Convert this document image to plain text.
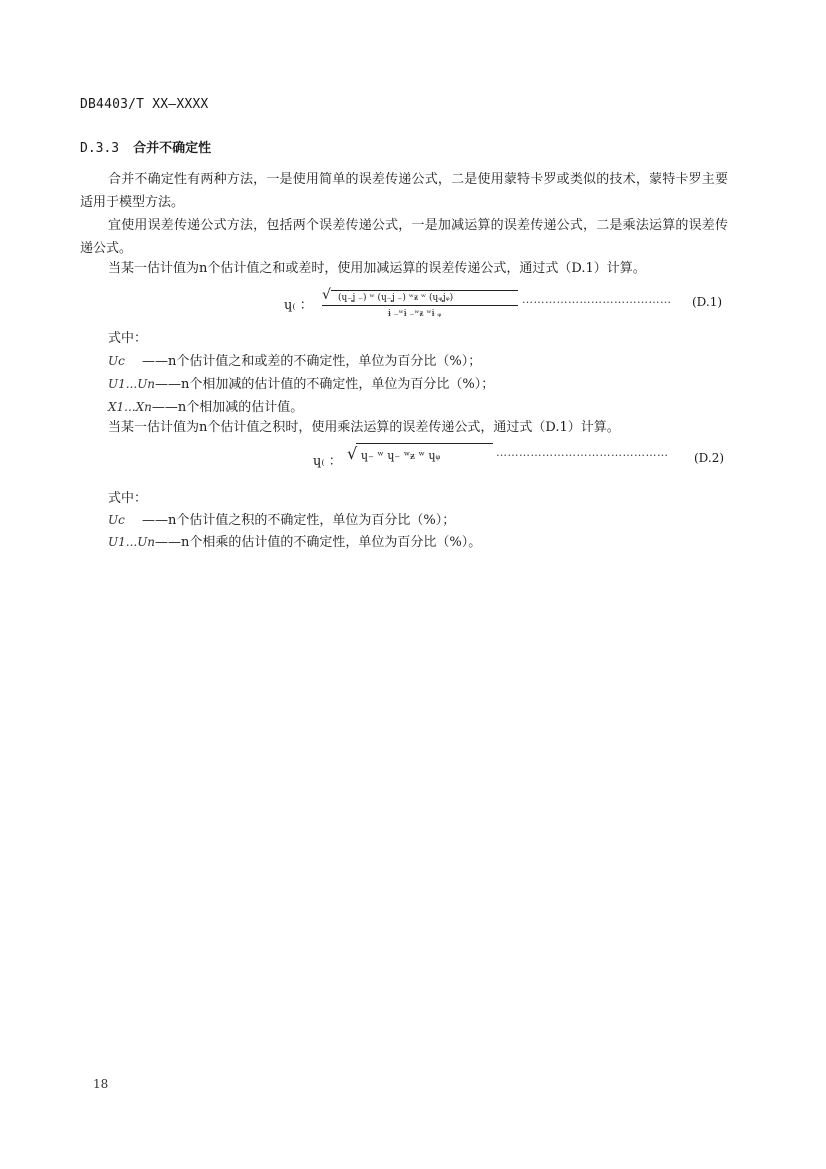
DB4403/T XX—XXXX
D.3.3 合并不确定性
合并不确定性有两种方法，一是使用简单的误差传递公式，二是使用蒙特卡罗或类似的技术，蒙特卡罗主要适用于模型方法。
宜使用误差传递公式方法，包括两个误差传递公式，一是加减运算的误差传递公式，二是乘法运算的误差传递公式。
当某一估计值为n个估计值之和或差时，使用加减运算的误差传递公式，通过式（D.1）计算。
ɥ₍ ：
√ (ɥ₋ʝ ₋) ʷ (ɥ₋ʝ ₋) ʷᵶ ʷ (ɥᵩʝᵩ)
ɨ ₋ʷɨ ₋ʷᵶ ʷɨ ᵩ
………………………………… (D.1)
式中：
Uc ——n个估计值之和或差的不确定性，单位为百分比（%）；
U1...Un——n个相加减的估计值的不确定性，单位为百分比（%）；
X1...Xn——n个相加减的估计值。
当某一估计值为n个估计值之积时，使用乘法运算的误差传递公式，通过式（D.1）计算。
ɥ₍ ： √ ɥ₋ ʷ ɥ₋ ʷᵶ ʷ ɥᵩ	……………………………………… (D.2)
式中：
Uc ——n个估计值之积的不确定性，单位为百分比（%）；
U1...Un——n个相乘的估计值的不确定性，单位为百分比（%）。
18
